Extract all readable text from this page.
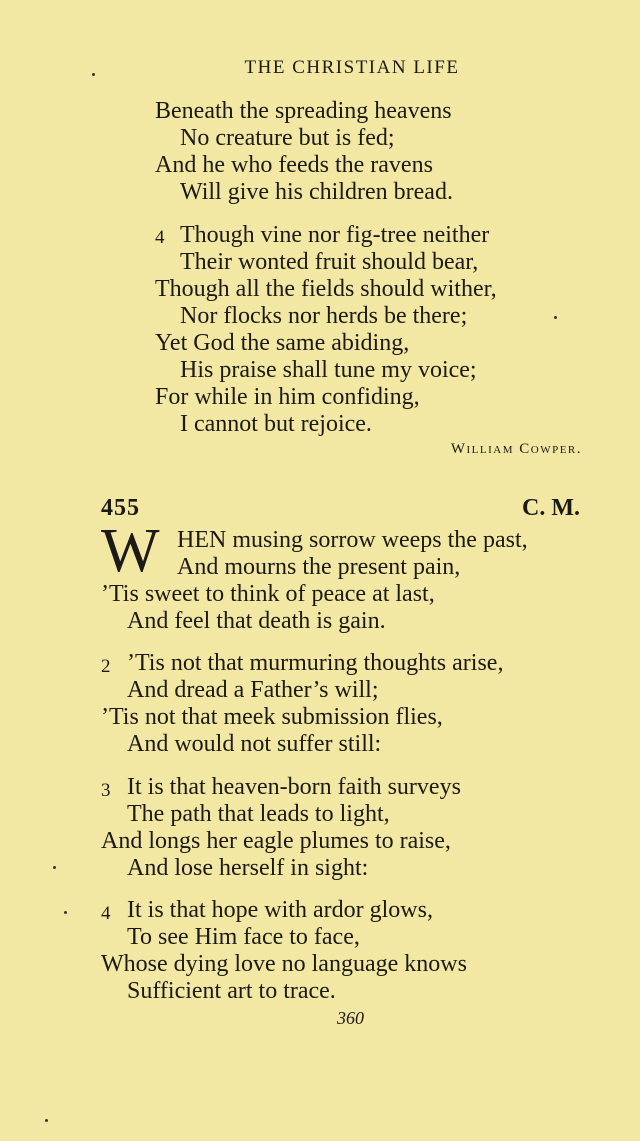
THE CHRISTIAN LIFE
Beneath the spreading heavens
No creature but is fed;
And he who feeds the ravens
Will give his children bread.
4 Though vine nor fig-tree neither
Their wonted fruit should bear,
Though all the fields should wither,
Nor flocks nor herds be there;
Yet God the same abiding,
His praise shall tune my voice;
For while in him confiding,
I cannot but rejoice.
William Cowper.
455	C. M.
W HEN musing sorrow weeps the past,
And mourns the present pain,
’Tis sweet to think of peace at last,
And feel that death is gain.
2 ’Tis not that murmuring thoughts arise,
And dread a Father’s will;
’Tis not that meek submission flies,
And would not suffer still:
3 It is that heaven-born faith surveys
The path that leads to light,
And longs her eagle plumes to raise,
And lose herself in sight:
4 It is that hope with ardor glows,
To see Him face to face,
Whose dying love no language knows
Sufficient art to trace.
360
